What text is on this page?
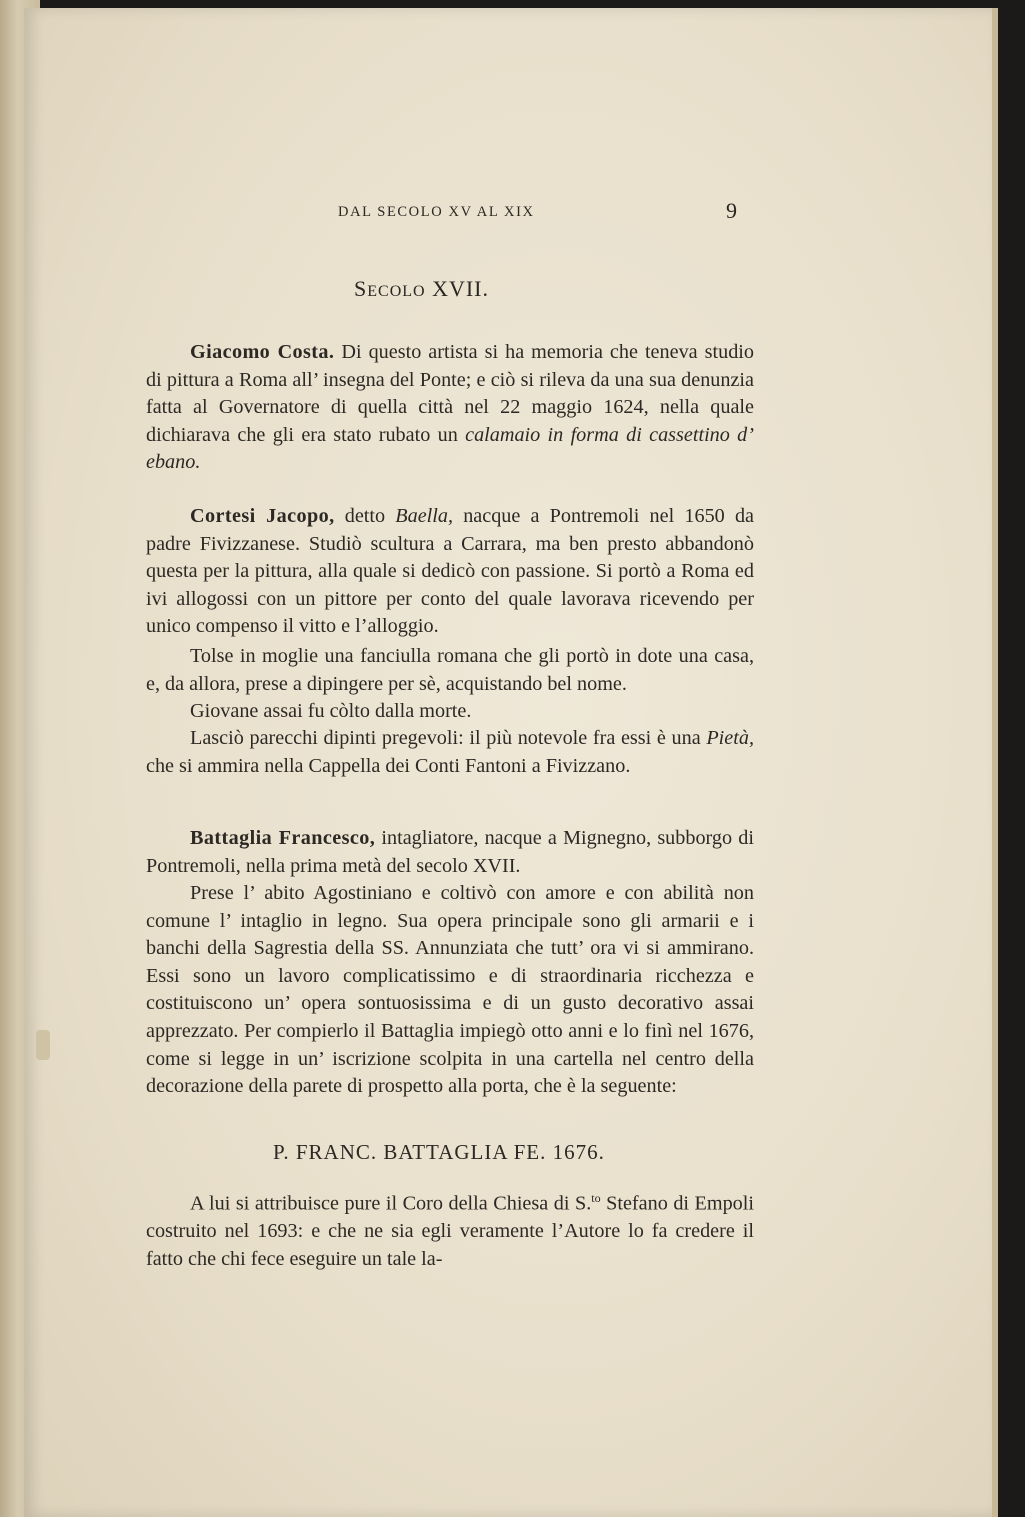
DAL SECOLO XV AL XIX	9
SECOLO XVII.
Giacomo Costa. Di questo artista si ha memoria che teneva studio di pittura a Roma all’ insegna del Ponte; e ciò si rileva da una sua denunzia fatta al Governatore di quella città nel 22 maggio 1624, nella quale dichiarava che gli era stato rubato un calamaio in forma di cassettino d’ ebano.
Cortesi Jacopo, detto Baella, nacque a Pontremoli nel 1650 da padre Fivizzanese. Studiò scultura a Carrara, ma ben presto abbandonò questa per la pittura, alla quale si dedicò con passione. Si portò a Roma ed ivi allogossi con un pittore per conto del quale lavorava ricevendo per unico compenso il vitto e l’alloggio.
Tolse in moglie una fanciulla romana che gli portò in dote una casa, e, da allora, prese a dipingere per sè, acquistando bel nome.
Giovane assai fu còlto dalla morte.
Lasciò parecchi dipinti pregevoli: il più notevole fra essi è una Pietà, che si ammira nella Cappella dei Conti Fantoni a Fivizzano.
Battaglia Francesco, intagliatore, nacque a Mignegno, subborgo di Pontremoli, nella prima metà del secolo XVII.
Prese l’ abito Agostiniano e coltivò con amore e con abilità non comune l’ intaglio in legno. Sua opera principale sono gli armarii e i banchi della Sagrestia della SS. Annunziata che tutt’ ora vi si ammirano. Essi sono un lavoro complicatissimo e di straordinaria ricchezza e costituiscono un’ opera sontuosissima e di un gusto decorativo assai apprezzato. Per compierlo il Battaglia impiegò otto anni e lo finì nel 1676, come si legge in un’ iscrizione scolpita in una cartella nel centro della decorazione della parete di prospetto alla porta, che è la seguente:
P. FRANC. BATTAGLIA FE. 1676.
A lui si attribuisce pure il Coro della Chiesa di S.$^{to}$ Stefano di Empoli costruito nel 1693: e che ne sia egli veramente l’Autore lo fa credere il fatto che chi fece eseguire un tale la-
